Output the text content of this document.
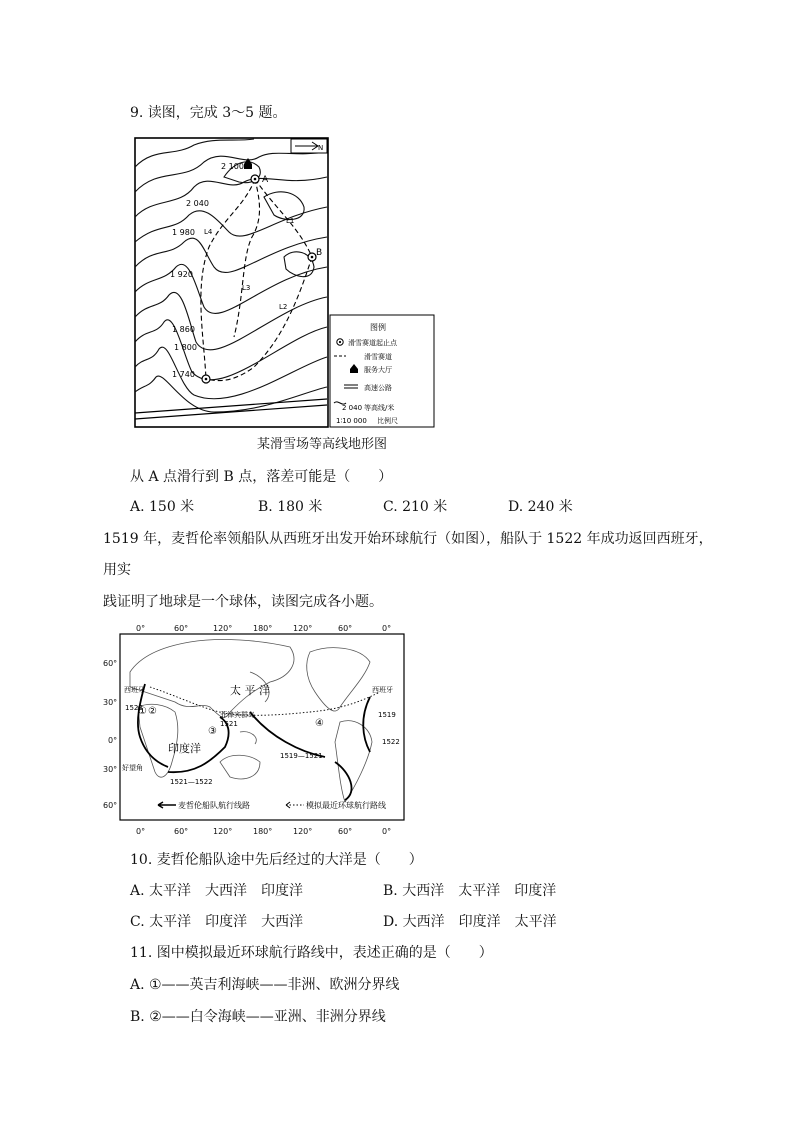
9. 读图，完成 3～5 题。
N
2 100
2 040
1 980
1 920
1 860
1 800
1 740
A
B
L1
L2
L3
L4
图例
滑雪赛道起止点
滑雪赛道
服务大厅
高速公路
2 040 等高线/米
1∶10 000 比例尺
某滑雪场等高线地形图
从 A 点滑行到 B 点，落差可能是（　　）
A. 150 米	B. 180 米	C. 210 米	D. 240 米
1519 年，麦哲伦率领船队从西班牙出发开始环球航行（如图），船队于 1522 年成功返回西班牙，
用实
践证明了地球是一个球体，读图完成各小题。
0°	60°	120°	180°	120°	60°	0°
0°	60°	120°	180°	120°	60°	0°
60°
30°
0°
30°
60°
西班牙	西班牙
太 平 洋
印度洋
菲律宾群岛
好望角
1521
1519—1521
1521—1522
1522
1519
1522
① ②
③
④
麦哲伦船队航行线路	模拟最近环球航行路线
10. 麦哲伦船队途中先后经过的大洋是（　　）
A. 太平洋　大西洋　印度洋	B. 大西洋　太平洋　印度洋
C. 太平洋　印度洋　大西洋	D. 大西洋　印度洋　太平洋
11. 图中模拟最近环球航行路线中，表述正确的是（　　）
A. ①——英吉利海峡——非洲、欧洲分界线
B. ②——白令海峡——亚洲、非洲分界线
